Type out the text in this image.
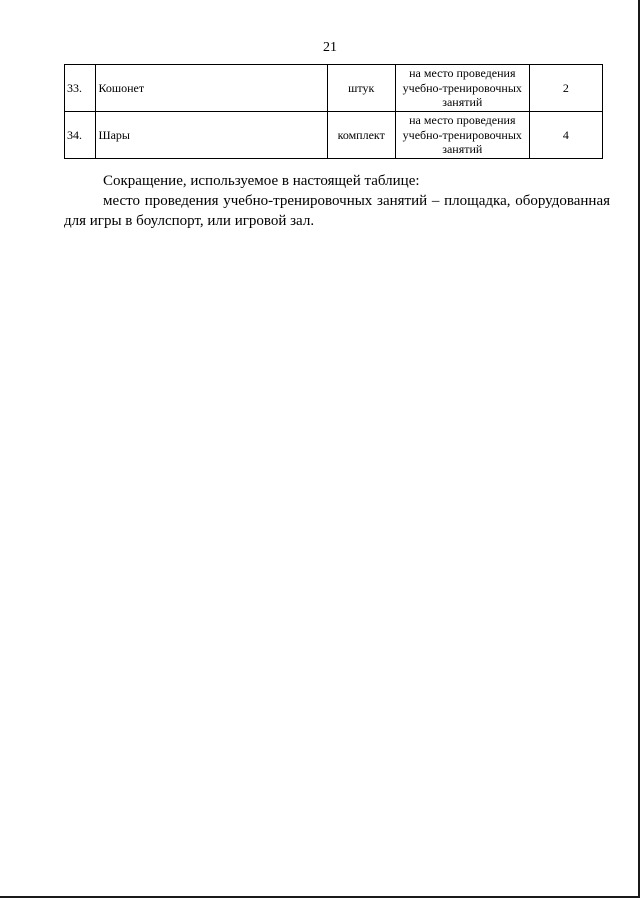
21
33.	Кошонет	штук	на место проведения учебно-тренировочных занятий	2
34.	Шары	комплект	на место проведения учебно-тренировочных занятий	4
Сокращение, используемое в настоящей таблице:
место проведения учебно-тренировочных занятий – площадка, оборудованная для игры в боулспорт, или игровой зал.
